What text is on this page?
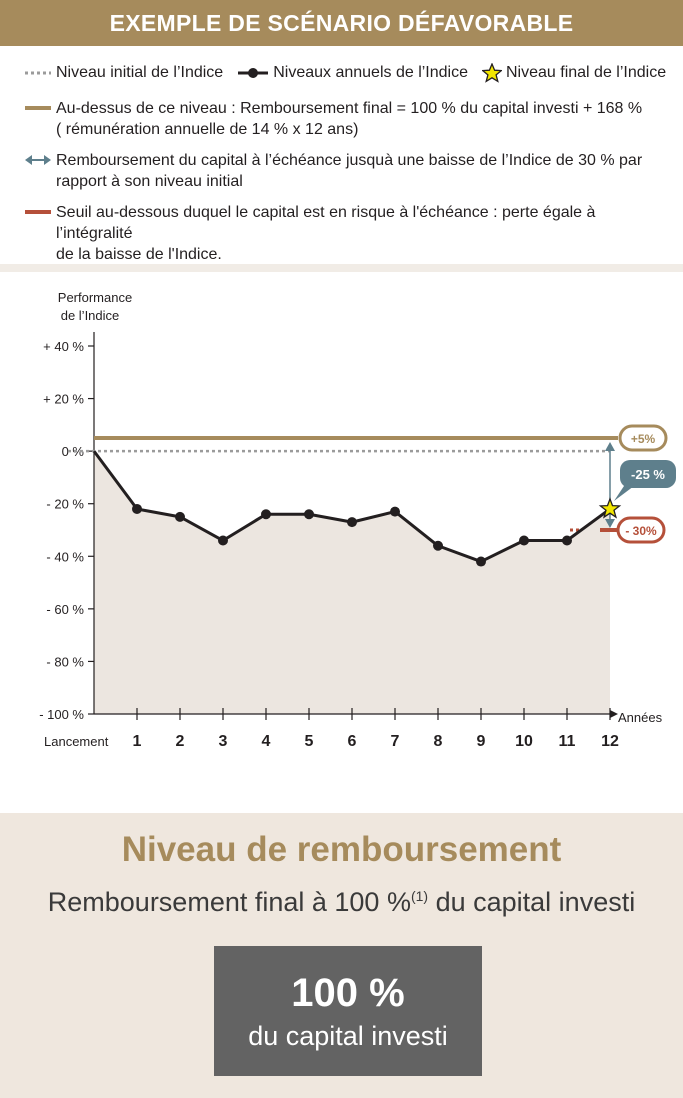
EXEMPLE DE SCÉNARIO DÉFAVORABLE
Niveau initial de l’Indice	Niveaux annuels de l’Indice Niveau final de l’Indice
Au-dessus de ce niveau : Remboursement final = 100 % du capital investi + 168 %
( rémunération annuelle de 14 % x 12 ans)
Remboursement du capital à l’échéance jusquà une baisse de l’Indice de 30 % par
rapport à son niveau initial
Seuil au-dessous duquel le capital est en risque à l'échéance : perte égale à l’intégralité
de la baisse de l'Indice.
Performance
de l’Indice
+ 40 %
+ 20 %
0 %
- 20 %
- 40 %
- 60 %
- 80 %
- 100 %	Années
Lancement 1 2 3 4 5 6 7 8 9 10 11 12
+5%
-25 %
- 30%
Niveau de remboursement
Remboursement final à 100 %$^{(1)}$ du capital investi
100 %
du capital investi
